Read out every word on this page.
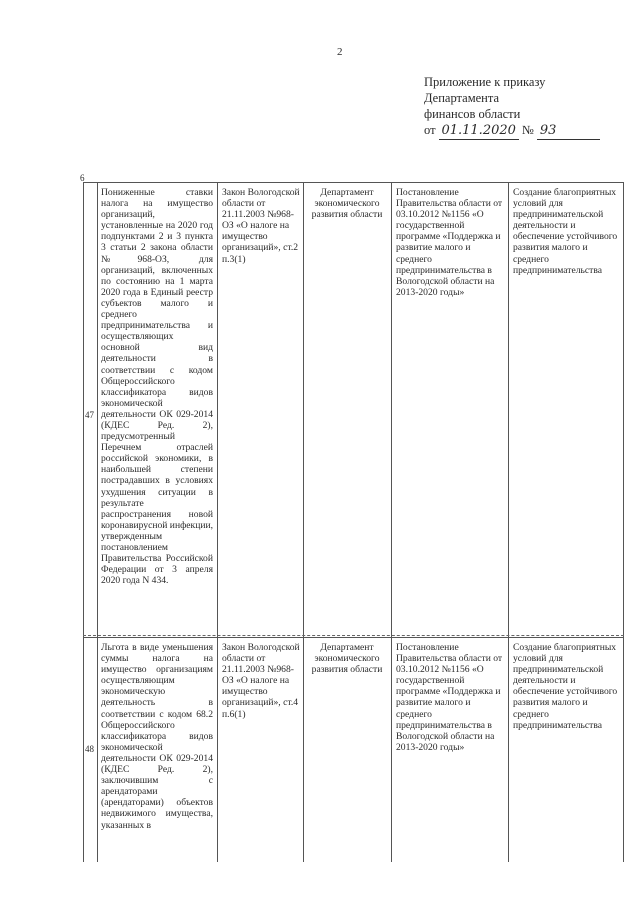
2
Приложение к приказу
Департамента
финансов области
от 01.11.2020 № 93
6
47
Пониженные ставки налога на имущество организаций, установленные на 2020 год подпунктами 2 и 3 пункта 3 статьи 2 закона области №968-ОЗ, для организаций, включенных по состоянию на 1 марта 2020 года в Единый реестр субъектов малого и среднего предпринимательства и осуществляющих основной вид деятельности в соответствии с кодом Общероссийского классификатора видов экономической деятельности ОК 029-2014 (КДЕС Ред. 2), предусмотренный Перечнем отраслей российской экономики, в наибольшей степени пострадавших в условиях ухудшения ситуации в результате распространения новой коронавирусной инфекции, утвержденным постановлением Правительства Российской Федерации от 3 апреля 2020 года N 434.
Закон Вологодской области от 21.11.2003 №968-ОЗ «О налоге на имущество организаций», ст.2 п.3(1)
Департамент экономического развития области
Постановление Правительства области от 03.10.2012 №1156 «О государственной программе «Поддержка и развитие малого и среднего предпринимательства в Вологодской области на 2013-2020 годы»
Создание благоприятных условий для предпринимательской деятельности и обеспечение устойчивого развития малого и среднего предпринимательства
48
Льгота в виде уменьшения суммы налога на имущество организациям осуществляющим экономическую деятельность в соответствии с кодом 68.2 Общероссийского классификатора видов экономической деятельности ОК 029-2014 (КДЕС Ред. 2), заключившим с арендаторами (арендаторами) объектов недвижимого имущества, указанных в
Закон Вологодской области от 21.11.2003 №968-ОЗ «О налоге на имущество организаций», ст.4 п.6(1)
Департамент экономического развития области
Постановление Правительства области от 03.10.2012 №1156 «О государственной программе «Поддержка и развитие малого и среднего предпринимательства в Вологодской области на 2013-2020 годы»
Создание благоприятных условий для предпринимательской деятельности и обеспечение устойчивого развития малого и среднего предпринимательства
